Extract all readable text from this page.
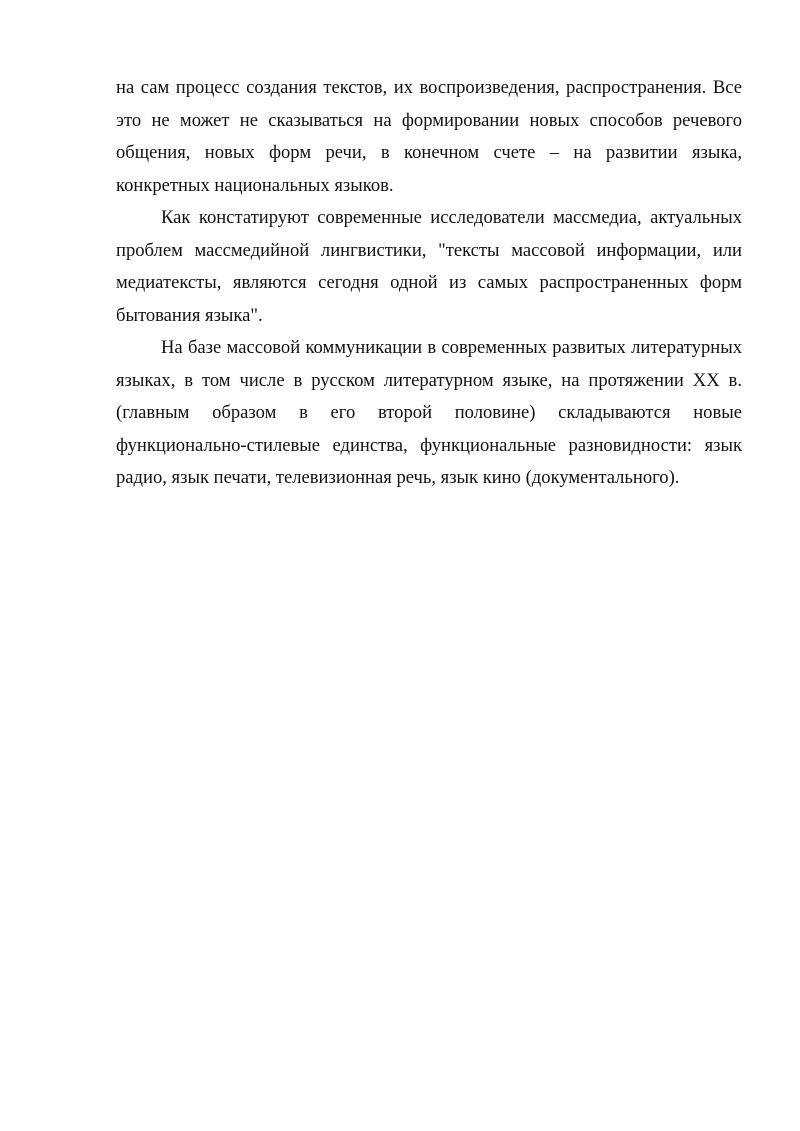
на сам процесс создания текстов, их воспроизведения, распространения. Все это не может не сказываться на формировании новых способов речевого общения, новых форм речи, в конечном счете – на развитии языка, конкретных национальных языков.

Как констатируют современные исследователи массмедиа, актуальных проблем массмедийной лингвистики, "тексты массовой информации, или медиатексты, являются сегодня одной из самых распространенных форм бытования языка".

На базе массовой коммуникации в современных развитых литературных языках, в том числе в русском литературном языке, на протяжении XX в. (главным образом в его второй половине) складываются новые функционально-стилевые единства, функциональные разновидности: язык радио, язык печати, телевизионная речь, язык кино (документального).
